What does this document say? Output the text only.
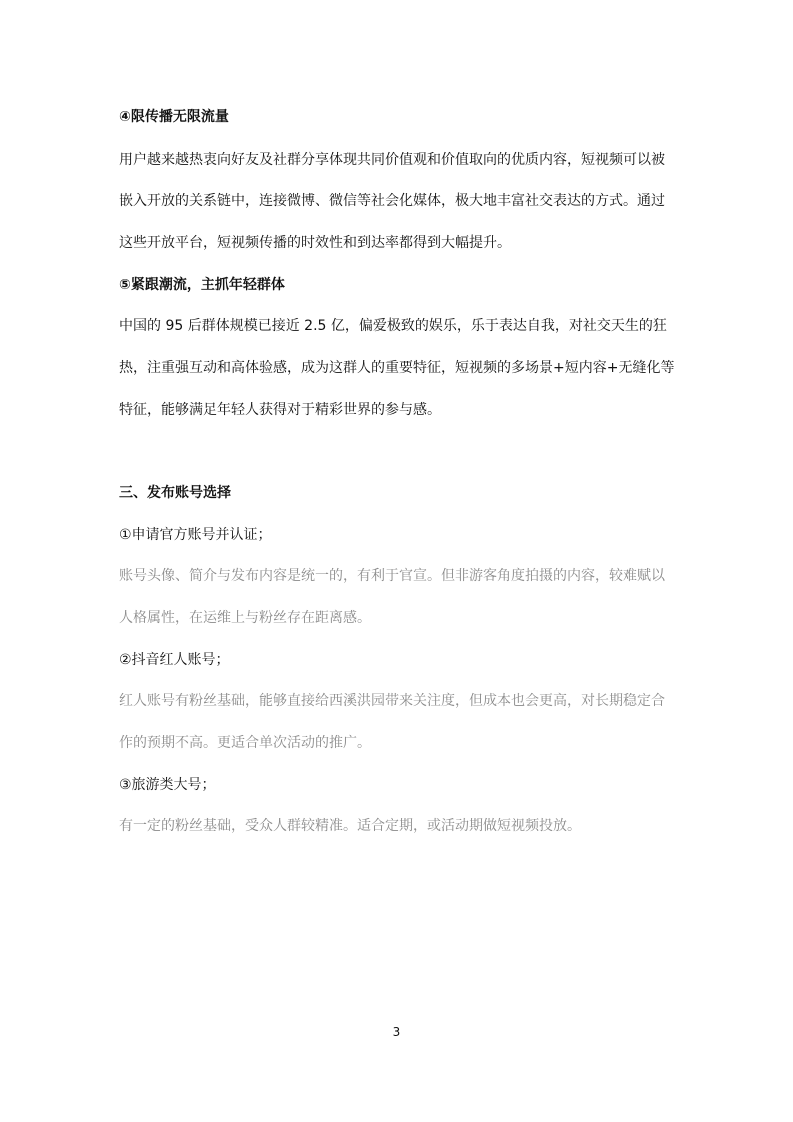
④限传播无限流量
用户越来越热衷向好友及社群分享体现共同价值观和价值取向的优质内容，短视频可以被
嵌入开放的关系链中，连接微博、微信等社会化媒体，极大地丰富社交表达的方式。通过
这些开放平台，短视频传播的时效性和到达率都得到大幅提升。
⑤紧跟潮流，主抓年轻群体
中国的 95 后群体规模已接近 2.5 亿，偏爱极致的娱乐，乐于表达自我，对社交天生的狂
热，注重强互动和高体验感，成为这群人的重要特征，短视频的多场景+短内容+无缝化等
特征，能够满足年轻人获得对于精彩世界的参与感。
三、发布账号选择
①申请官方账号并认证；
账号头像、简介与发布内容是统一的，有利于官宣。但非游客角度拍摄的内容，较难赋以
人格属性，在运维上与粉丝存在距离感。
②抖音红人账号；
红人账号有粉丝基础，能够直接给西溪洪园带来关注度，但成本也会更高，对长期稳定合
作的预期不高。更适合单次活动的推广。
③旅游类大号；
有一定的粉丝基础，受众人群较精准。适合定期，或活动期做短视频投放。
3
